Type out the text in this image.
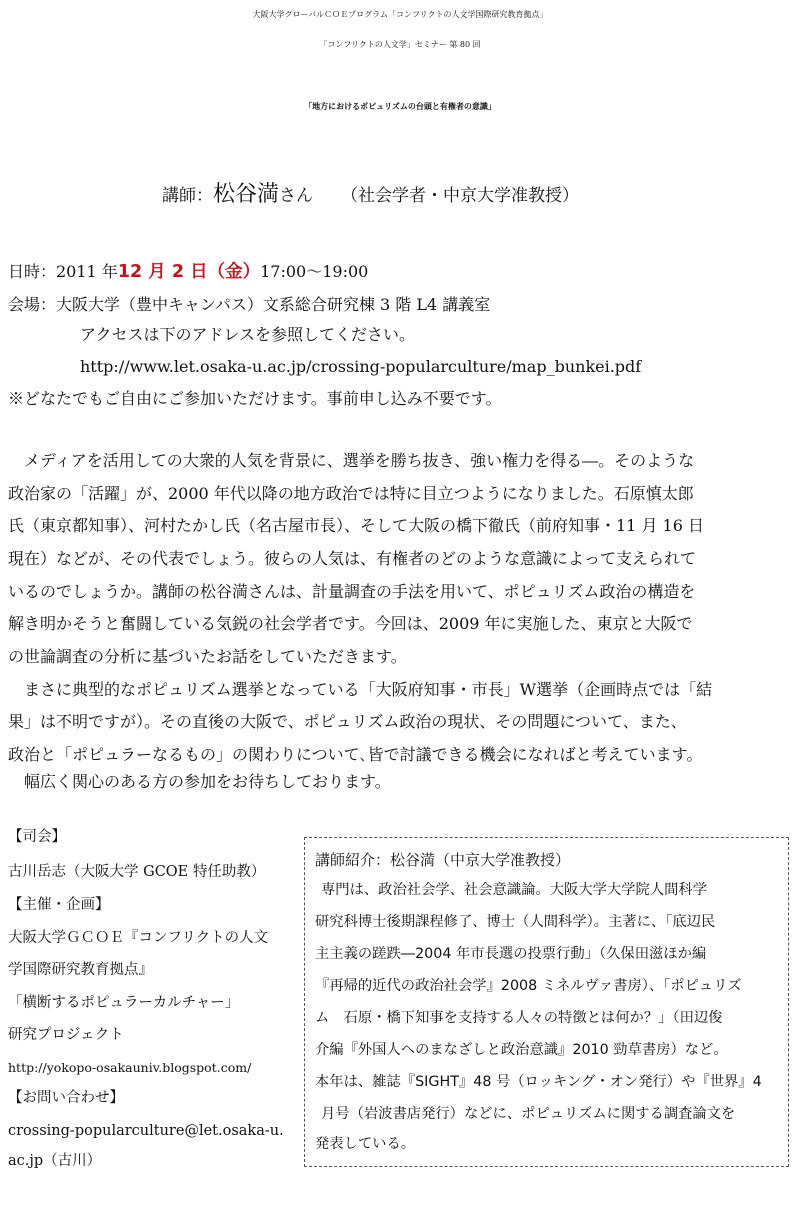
大阪大学グローバルＣＯＥプログラム「コンフリクトの人文学国際研究教育拠点」
「コンフリクトの人文学」セミナー 第 80 回
「地方におけるポピュリズムの台頭と有権者の意識」
講師：松谷満さん （社会学者・中京大学准教授）
日時：2011 年12 月 2 日（金）17:00～19:00
会場：大阪大学（豊中キャンパス）文系総合研究棟 3 階 L4 講義室
アクセスは下のアドレスを参照してください。
http://www.let.osaka-u.ac.jp/crossing-popularculture/map_bunkei.pdf
※どなたでもご自由にご参加いただけます。事前申し込み不要です。
メディアを活用しての大衆的人気を背景に、選挙を勝ち抜き、強い権力を得る―。そのような
政治家の「活躍」が、2000 年代以降の地方政治では特に目立つようになりました。石原慎太郎
氏（東京都知事）、河村たかし氏（名古屋市長）、そして大阪の橋下徹氏（前府知事・11 月 16 日
現在）などが、その代表でしょう。彼らの人気は、有権者のどのような意識によって支えられて
いるのでしょうか。講師の松谷満さんは、計量調査の手法を用いて、ポピュリズム政治の構造を
解き明かそうと奮闘している気鋭の社会学者です。今回は、2009 年に実施した、東京と大阪で
の世論調査の分析に基づいたお話をしていただきます。
まさに典型的なポピュリズム選挙となっている「大阪府知事・市長」W選挙（企画時点では「結
果」は不明ですが）。その直後の大阪で、ポピュリズム政治の現状、その問題について、また、
政治と「ポピュラーなるもの」の関わりについて､皆で討議できる機会になればと考えています。
幅広く関心のある方の参加をお待ちしております。
【司会】
古川岳志（大阪大学 GCOE 特任助教）
【主催・企画】
大阪大学ＧＣＯＥ『コンフリクトの人文
学国際研究教育拠点』
「横断するポピュラーカルチャー」
研究プロジェクト
http://yokopo-osakauniv.blogspot.com/
【お問い合わせ】
crossing-popularculture@let.osaka-u.
ac.jp（古川）
講師紹介：松谷満（中京大学准教授）
専門は、政治社会学、社会意識論。大阪大学大学院人間科学
研究科博士後期課程修了、博士（人間科学）。主著に、「底辺民
主主義の蹉跌―2004 年市長選の投票行動」（久保田滋ほか編
『再帰的近代の政治社会学』2008 ミネルヴァ書房）、「ポピュリズ
ム　石原・橋下知事を支持する人々の特徴とは何か？」（田辺俊
介編『外国人へのまなざしと政治意識』2010 勁草書房）など。
本年は、雑誌『SIGHT』48 号（ロッキング・オン発行）や『世界』4
月号（岩波書店発行）などに、ポピュリズムに関する調査論文を
発表している。
